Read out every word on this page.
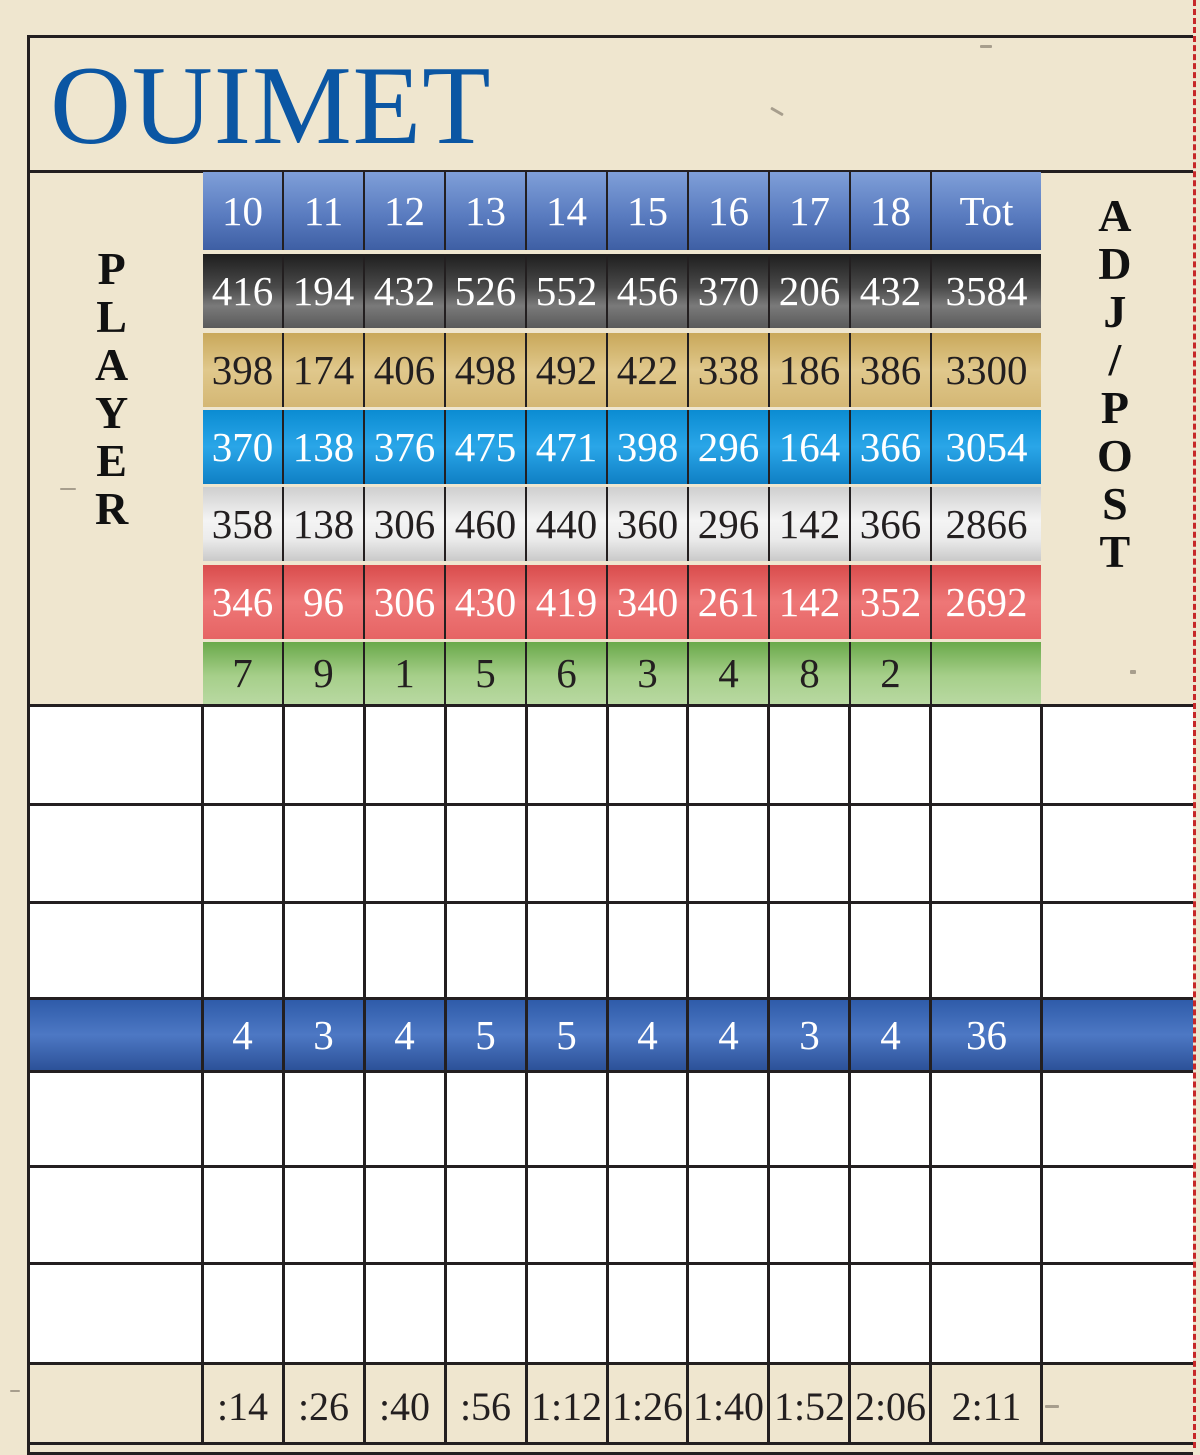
OUIMET
P
L
A
Y
E
R
A
D
J
/
P
O
S
T
10 11 12 13 14 15 16 17 18	Tot
416 194 432 526 552 456 370 206 432 3584
398 174 406 498 492 422 338 186 386 3300
370 138 376 475 471 398 296 164 366 3054
358 138 306 460 440 360 296 142 366 2866
346 96 306 430 419 340 261 142 352 2692
7	9	1	5	6	3	4	8	2
4	3	4	5	5	4	4	3	4	36
:14 :26 :40 :56 1:12 1:26 1:40 1:52 2:06 2:11
